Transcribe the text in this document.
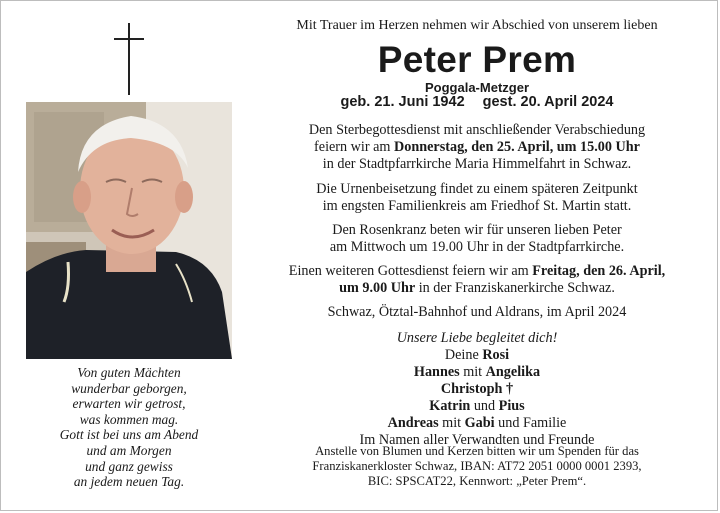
Von guten Mächten
wunderbar geborgen,
erwarten wir getrost,
was kommen mag.
Gott ist bei uns am Abend
und am Morgen
und ganz gewiss
an jedem neuen Tag.
Mit Trauer im Herzen nehmen wir Abschied von unserem lieben
Peter Prem
Poggala-Metzger
geb. 21. Juni 1942 gest. 20. April 2024
Den Sterbegottesdienst mit anschließender Verabschiedung
feiern wir am Donnerstag, den 25. April, um 15.00 Uhr
in der Stadtpfarrkirche Maria Himmelfahrt in Schwaz.
Die Urnenbeisetzung findet zu einem späteren Zeitpunkt
im engsten Familienkreis am Friedhof St. Martin statt.
Den Rosenkranz beten wir für unseren lieben Peter
am Mittwoch um 19.00 Uhr in der Stadtpfarrkirche.
Einen weiteren Gottesdienst feiern wir am Freitag, den 26. April,
um 9.00 Uhr in der Franziskanerkirche Schwaz.
Schwaz, Ötztal-Bahnhof und Aldrans, im April 2024
Unsere Liebe begleitet dich!
Deine Rosi
Hannes mit Angelika
Christoph †
Katrin und Pius
Andreas mit Gabi und Familie
Im Namen aller Verwandten und Freunde
Anstelle von Blumen und Kerzen bitten wir um Spenden für das
Franziskanerkloster Schwaz, IBAN: AT72 2051 0000 0001 2393,
BIC: SPSCAT22, Kennwort: „Peter Prem“.
